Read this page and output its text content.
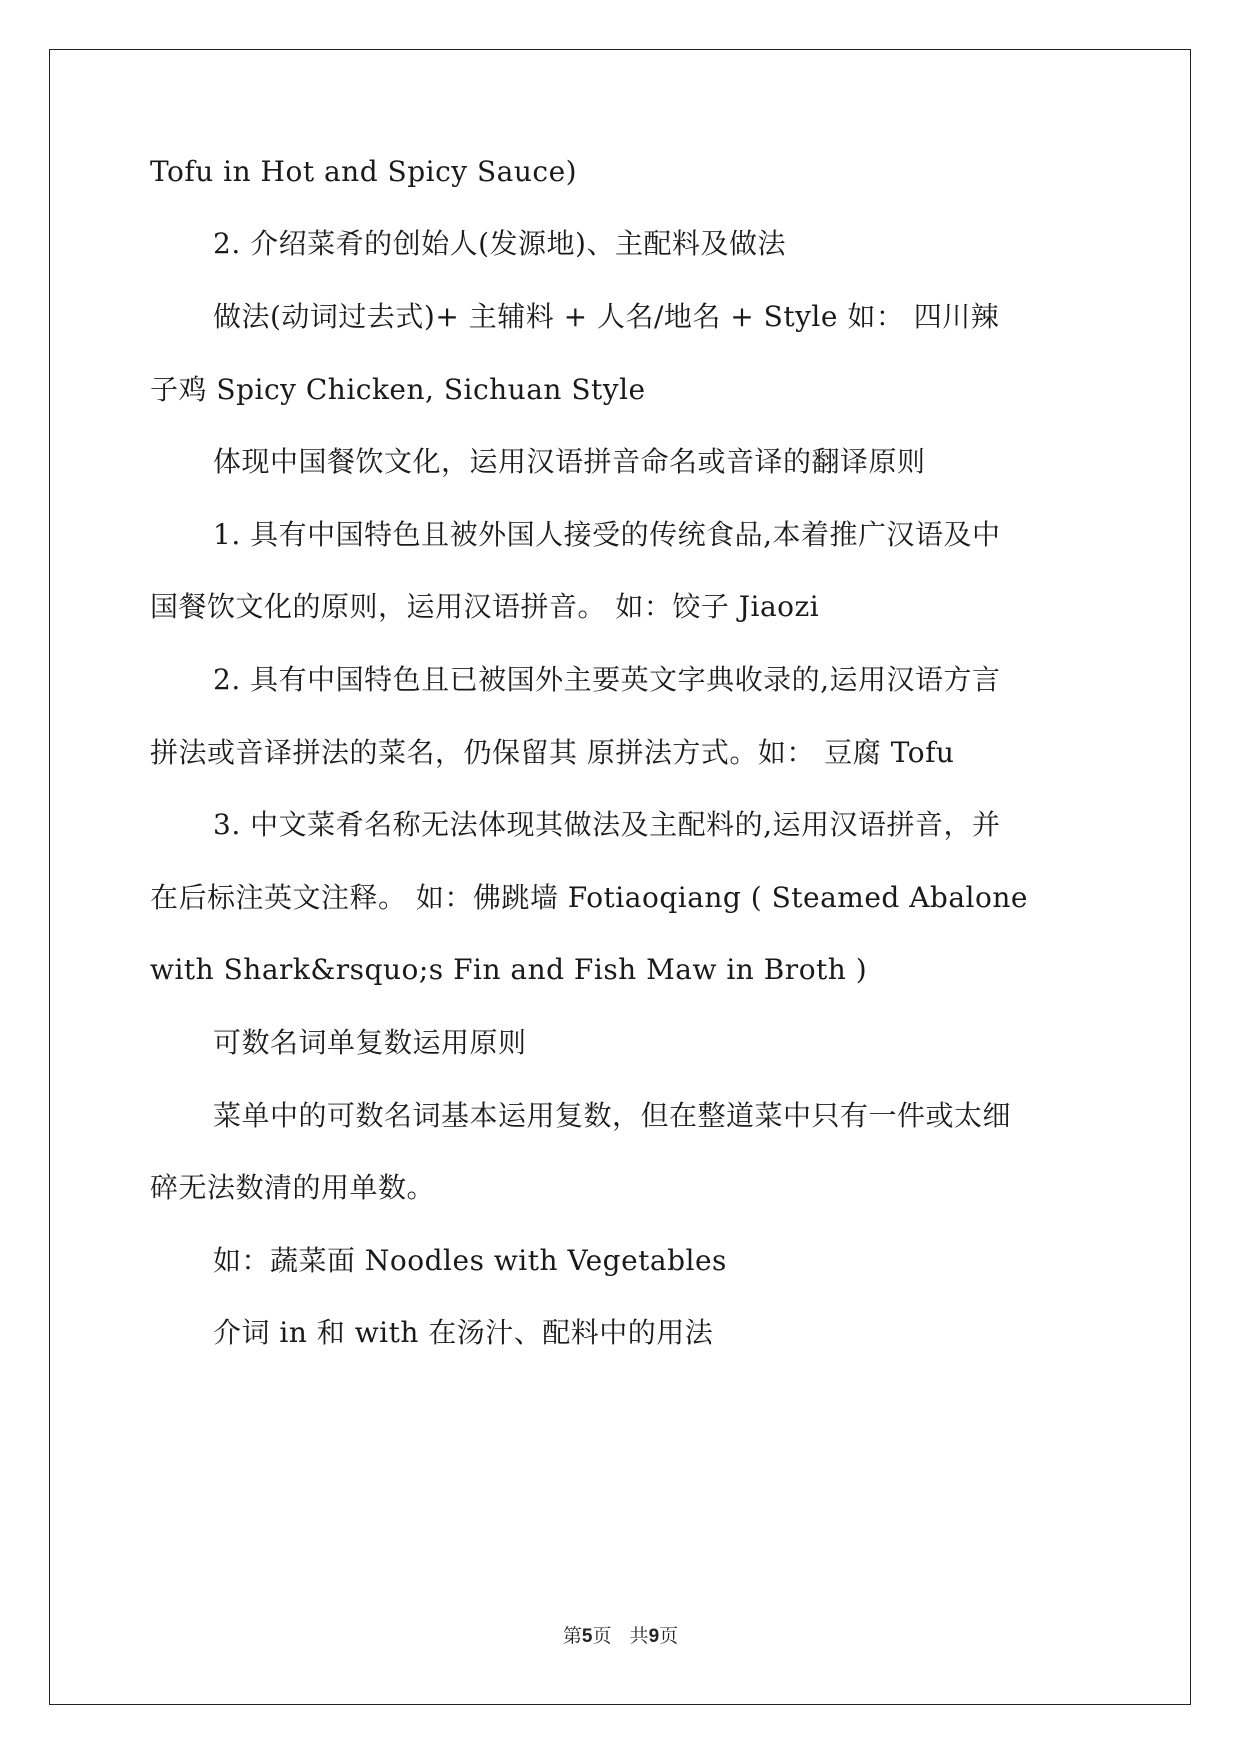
Tofu in Hot and Spicy Sauce)
2. 介绍菜肴的创始人(发源地)、主配料及做法
做法(动词过去式)+ 主辅料 + 人名/地名 + Style 如： 四川辣
子鸡 Spicy Chicken, Sichuan Style
体现中国餐饮文化，运用汉语拼音命名或音译的翻译原则
1. 具有中国特色且被外国人接受的传统食品,本着推广汉语及中
国餐饮文化的原则，运用汉语拼音。 如：饺子 Jiaozi
2. 具有中国特色且已被国外主要英文字典收录的,运用汉语方言
拼法或音译拼法的菜名，仍保留其 原拼法方式。如： 豆腐 Tofu
3. 中文菜肴名称无法体现其做法及主配料的,运用汉语拼音，并
在后标注英文注释。 如：佛跳墙 Fotiaoqiang ( Steamed Abalone
with Shark&rsquo;s Fin and Fish Maw in Broth )
可数名词单复数运用原则
菜单中的可数名词基本运用复数，但在整道菜中只有一件或太细
碎无法数清的用单数。
如：蔬菜面 Noodles with Vegetables
介词 in 和 with 在汤汁、配料中的用法
第5页   共9页
